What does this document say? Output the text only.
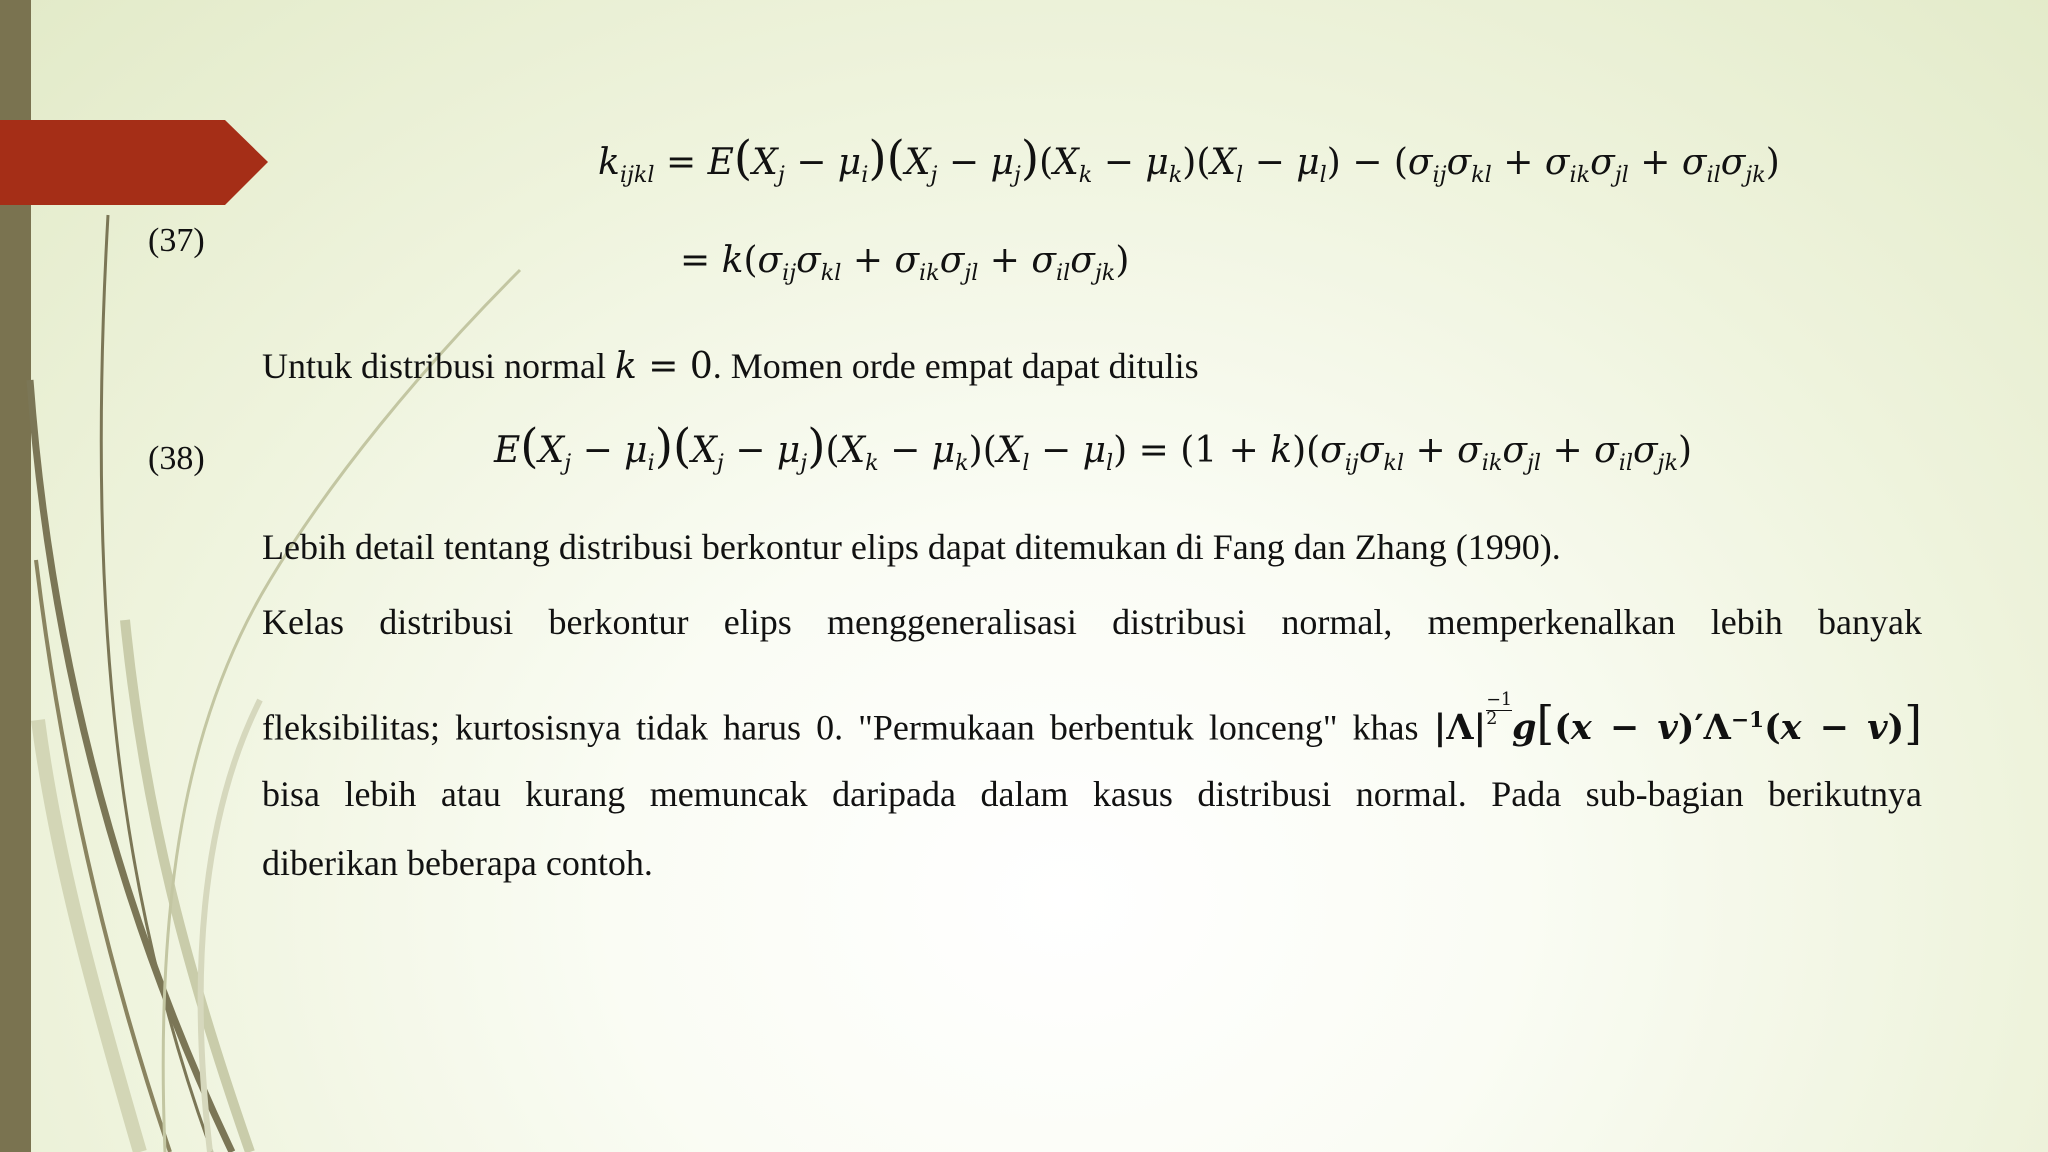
(37)
$k_{ijkl} = E(X_j - \mu_i)(X_j - \mu_j)(X_k - \mu_k)(X_l - \mu_l) - (\sigma_{ij}\sigma_{kl} + \sigma_{ik}\sigma_{jl} + \sigma_{il}\sigma_{jk})$
= $k(\sigma_{ij}\sigma_{kl} + \sigma_{ik}\sigma_{jl} + \sigma_{il}\sigma_{jk})$
Untuk distribusi normal k = 0. Momen orde empat dapat ditulis
(38)	$E(X_j - \mu_i)(X_j - \mu_j)(X_k - \mu_k)(X_l - \mu_l) = (1 + k)(\sigma_{ij}\sigma_{kl} + \sigma_{ik}\sigma_{jl} + \sigma_{il}\sigma_{jk})$
Lebih detail tentang distribusi berkontur elips dapat ditemukan di Fang dan Zhang (1990).
Kelas distribusi berkontur elips menggeneralisasi distribusi normal, memperkenalkan lebih banyak
fleksibilitas; kurtosisnya tidak harus 0. "Permukaan berbentuk lonceng" khas $|\Lambda| \frac{-1}{2} g[(x - v)'\Lambda^{-1}(x - v)]$
bisa lebih atau kurang memuncak daripada dalam kasus distribusi normal. Pada sub-bagian berikutnya
diberikan beberapa contoh.
